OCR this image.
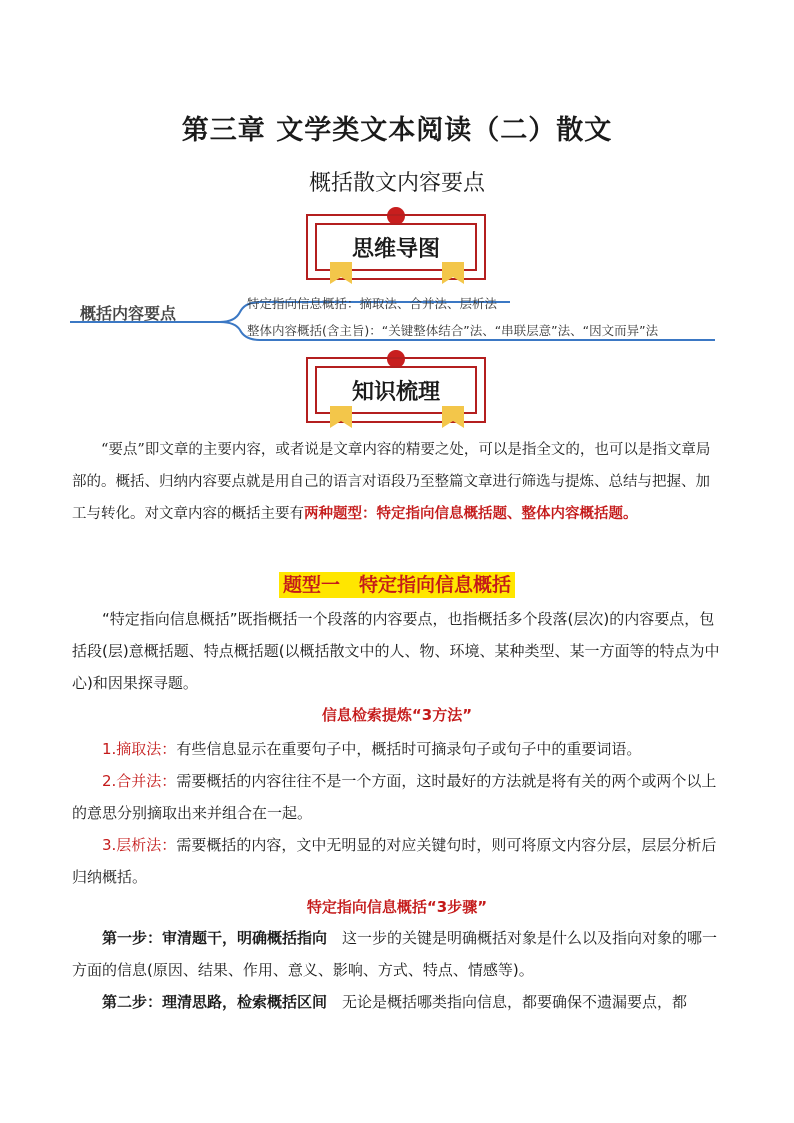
第三章 文学类文本阅读（二）散文
概括散文内容要点
思维导图
概括内容要点
特定指向信息概括：摘取法、合并法、层析法
整体内容概括(含主旨)：“关键整体结合”法、“串联层意”法、“因文而异”法
知识梳理

“要点”即文章的主要内容，或者说是文章内容的精要之处，可以是指全文的，也可以是指文章局部的。概括、归纳内容要点就是用自己的语言对语段乃至整篇文章进行筛选与提炼、总结与把握、加工与转化。对文章内容的概括主要有两种题型：特定指向信息概括题、整体内容概括题。

题型一　特定指向信息概括

“特定指向信息概括”既指概括一个段落的内容要点，也指概括多个段落(层次)的内容要点，包括段(层)意概括题、特点概括题(以概括散文中的人、物、环境、某种类型、某一方面等的特点为中心)和因果探寻题。

信息检索提炼“3方法”

1.摘取法：有些信息显示在重要句子中，概括时可摘录句子或句子中的重要词语。

2.合并法：需要概括的内容往往不是一个方面，这时最好的方法就是将有关的两个或两个以上的意思分别摘取出来并组合在一起。

3.层析法：需要概括的内容，文中无明显的对应关键句时，则可将原文内容分层，层层分析后归纳概括。

特定指向信息概括“3步骤”

第一步：审清题干，明确概括指向　 这一步的关键是明确概括对象是什么以及指向对象的哪一方面的信息(原因、结果、作用、意义、影响、方式、特点、情感等)。

第二步：理清思路，检索概括区间　 无论是概括哪类指向信息，都要确保不遗漏要点，都
